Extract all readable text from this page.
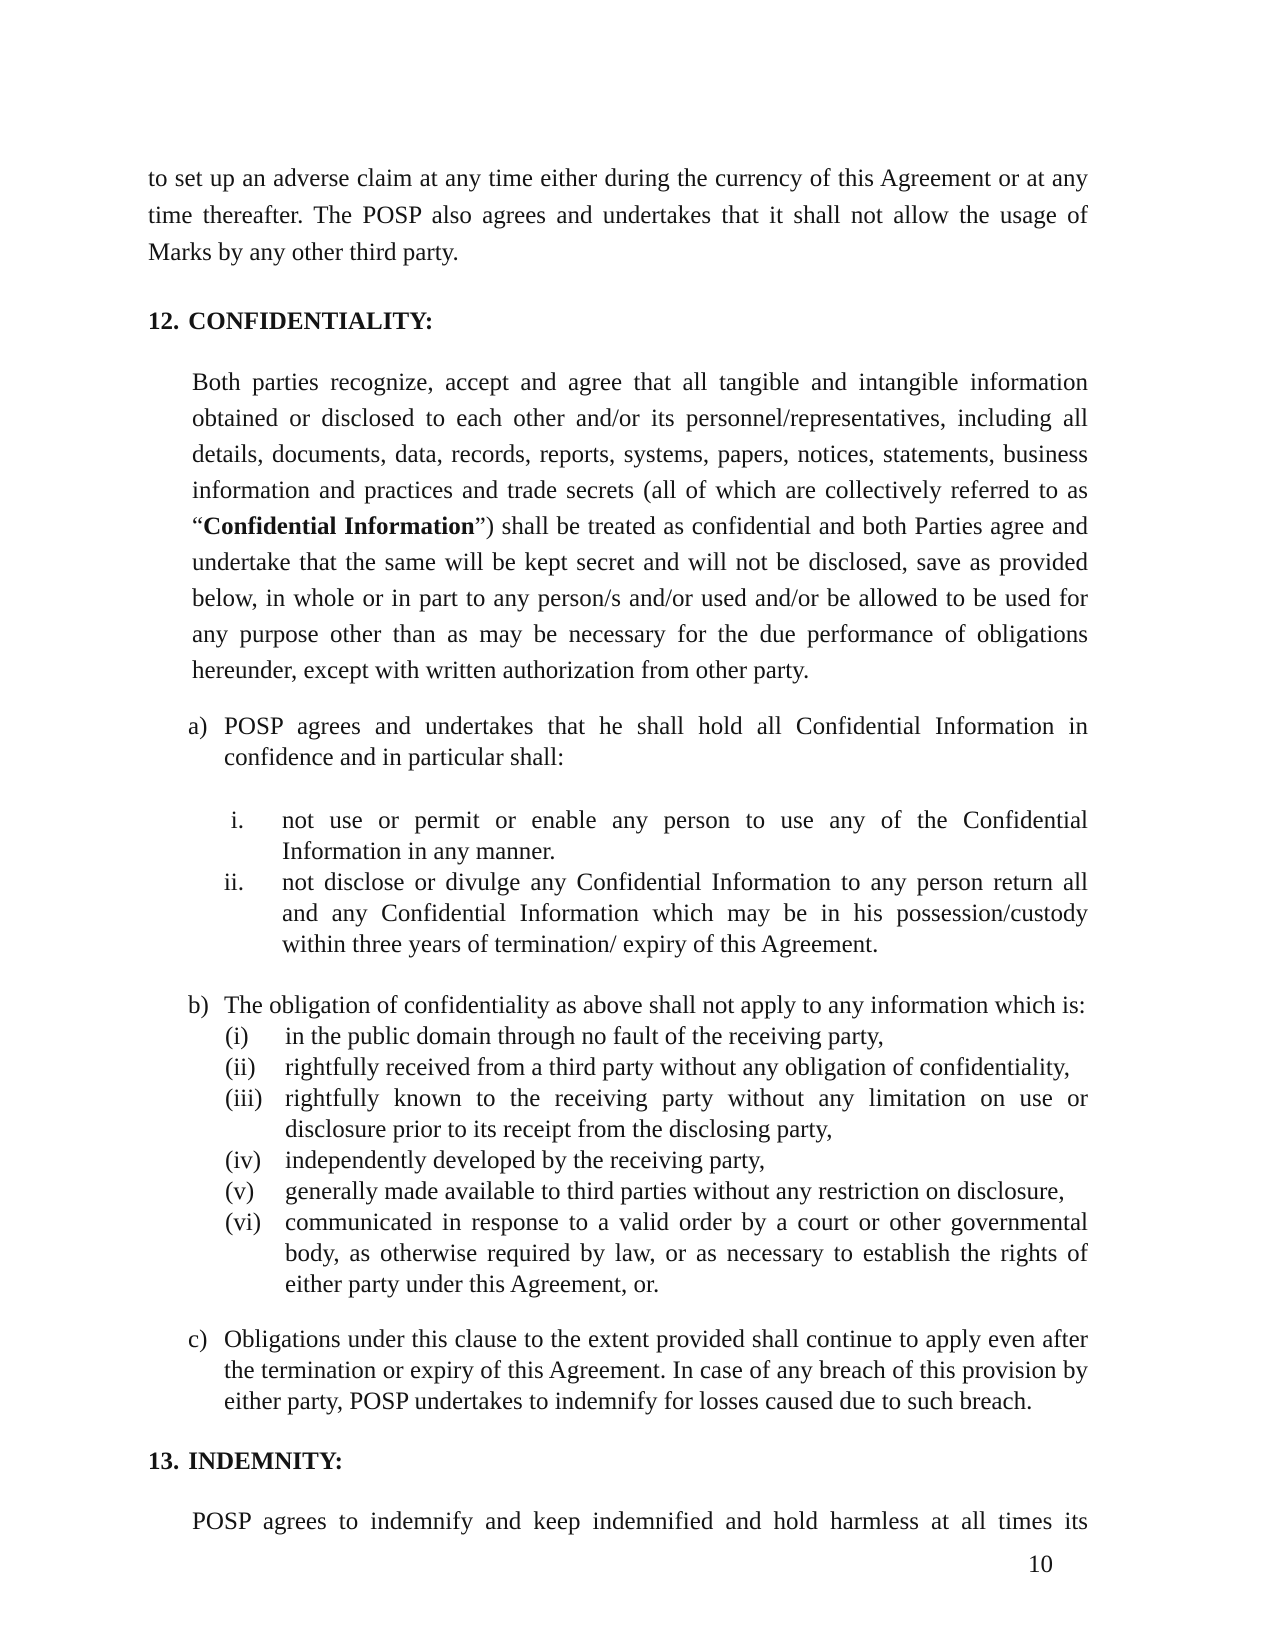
to set up an adverse claim at any time either during the currency of this Agreement or at any time thereafter. The POSP also agrees and undertakes that it shall not allow the usage of Marks by any other third party.

12. CONFIDENTIALITY:

Both parties recognize, accept and agree that all tangible and intangible information obtained or disclosed to each other and/or its personnel/representatives, including all details, documents, data, records, reports, systems, papers, notices, statements, business information and practices and trade secrets (all of which are collectively referred to as “Confidential Information”) shall be treated as confidential and both Parties agree and undertake that the same will be kept secret and will not be disclosed, save as provided below, in whole or in part to any person/s and/or used and/or be allowed to be used for any purpose other than as may be necessary for the due performance of obligations hereunder, except with written authorization from other party.

a) POSP agrees and undertakes that he shall hold all Confidential Information in confidence and in particular shall:
i. not use or permit or enable any person to use any of the Confidential Information in any manner.
ii. not disclose or divulge any Confidential Information to any person return all and any Confidential Information which may be in his possession/custody within three years of termination/ expiry of this Agreement.
b) The obligation of confidentiality as above shall not apply to any information which is:
(i)	in the public domain through no fault of the receiving party,
(ii)	rightfully received from a third party without any obligation of confidentiality,
(iii) rightfully known to the receiving party without any limitation on use or disclosure prior to its receipt from the disclosing party,
(iv) independently developed by the receiving party,
(v)	generally made available to third parties without any restriction on disclosure,
(vi) communicated in response to a valid order by a court or other governmental body, as otherwise required by law, or as necessary to establish the rights of either party under this Agreement, or.
c) Obligations under this clause to the extent provided shall continue to apply even after the termination or expiry of this Agreement. In case of any breach of this provision by either party, POSP undertakes to indemnify for losses caused due to such breach.
13. INDEMNITY:

POSP agrees to indemnify and keep indemnified and hold harmless at all times its

10
